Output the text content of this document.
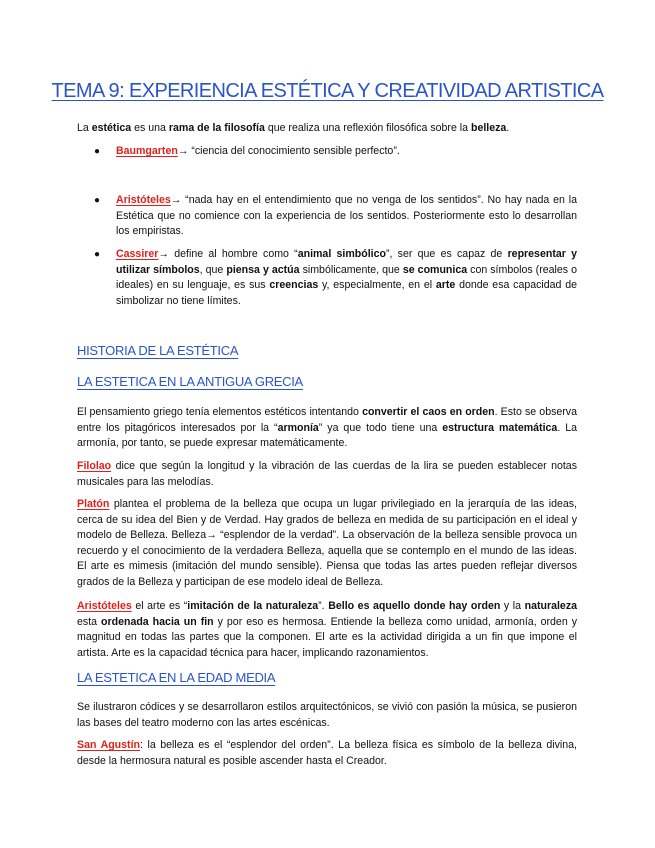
TEMA 9: EXPERIENCIA ESTÉTICA Y CREATIVIDAD ARTISTICA

La estética es una rama de la filosofía que realiza una reflexión filosófica sobre la belleza.

● Baumgarten→ “ciencia del conocimiento sensible perfecto”.

● Aristóteles→ “nada hay en el entendimiento que no venga de los sentidos”. No hay nada en la Estética que no comience con la experiencia de los sentidos. Posteriormente esto lo desarrollan los empiristas.

● Cassirer→ define al hombre como “animal simbólico”, ser que es capaz de representar y utilizar símbolos, que piensa y actúa simbólicamente, que se comunica con símbolos (reales o ideales) en su lenguaje, es sus creencias y, especialmente, en el arte donde esa capacidad de simbolizar no tiene límites.

HISTORIA DE LA ESTÉTICA
LA ESTETICA EN LA ANTIGUA GRECIA

El pensamiento griego tenía elementos estéticos intentando convertir el caos en orden. Esto se observa entre los pitagóricos interesados por la “armonía” ya que todo tiene una estructura matemática. La armonía, por tanto, se puede expresar matemáticamente.

Filolao dice que según la longitud y la vibración de las cuerdas de la lira se pueden establecer notas musicales para las melodías.

Platón plantea el problema de la belleza que ocupa un lugar privilegiado en la jerarquía de las ideas, cerca de su idea del Bien y de Verdad. Hay grados de belleza en medida de su participación en el ideal y modelo de Belleza. Belleza→ “esplendor de la verdad”. La observación de la belleza sensible provoca un recuerdo y el conocimiento de la verdadera Belleza, aquella que se contemplo en el mundo de las ideas. El arte es mimesis (imitación del mundo sensible). Piensa que todas las artes pueden reflejar diversos grados de la Belleza y participan de ese modelo ideal de Belleza.

Aristóteles el arte es “imitación de la naturaleza”. Bello es aquello donde hay orden y la naturaleza esta ordenada hacia un fin y por eso es hermosa. Entiende la belleza como unidad, armonía, orden y magnitud en todas las partes que la componen. El arte es la actividad dirigida a un fin que impone el artista. Arte es la capacidad técnica para hacer, implicando razonamientos.

LA ESTETICA EN LA EDAD MEDIA

Se ilustraron códices y se desarrollaron estilos arquitectónicos, se vivió con pasión la música, se pusieron las bases del teatro moderno con las artes escénicas.

San Agustín: la belleza es el “esplendor del orden”. La belleza física es símbolo de la belleza divina, desde la hermosura natural es posible ascender hasta el Creador.
